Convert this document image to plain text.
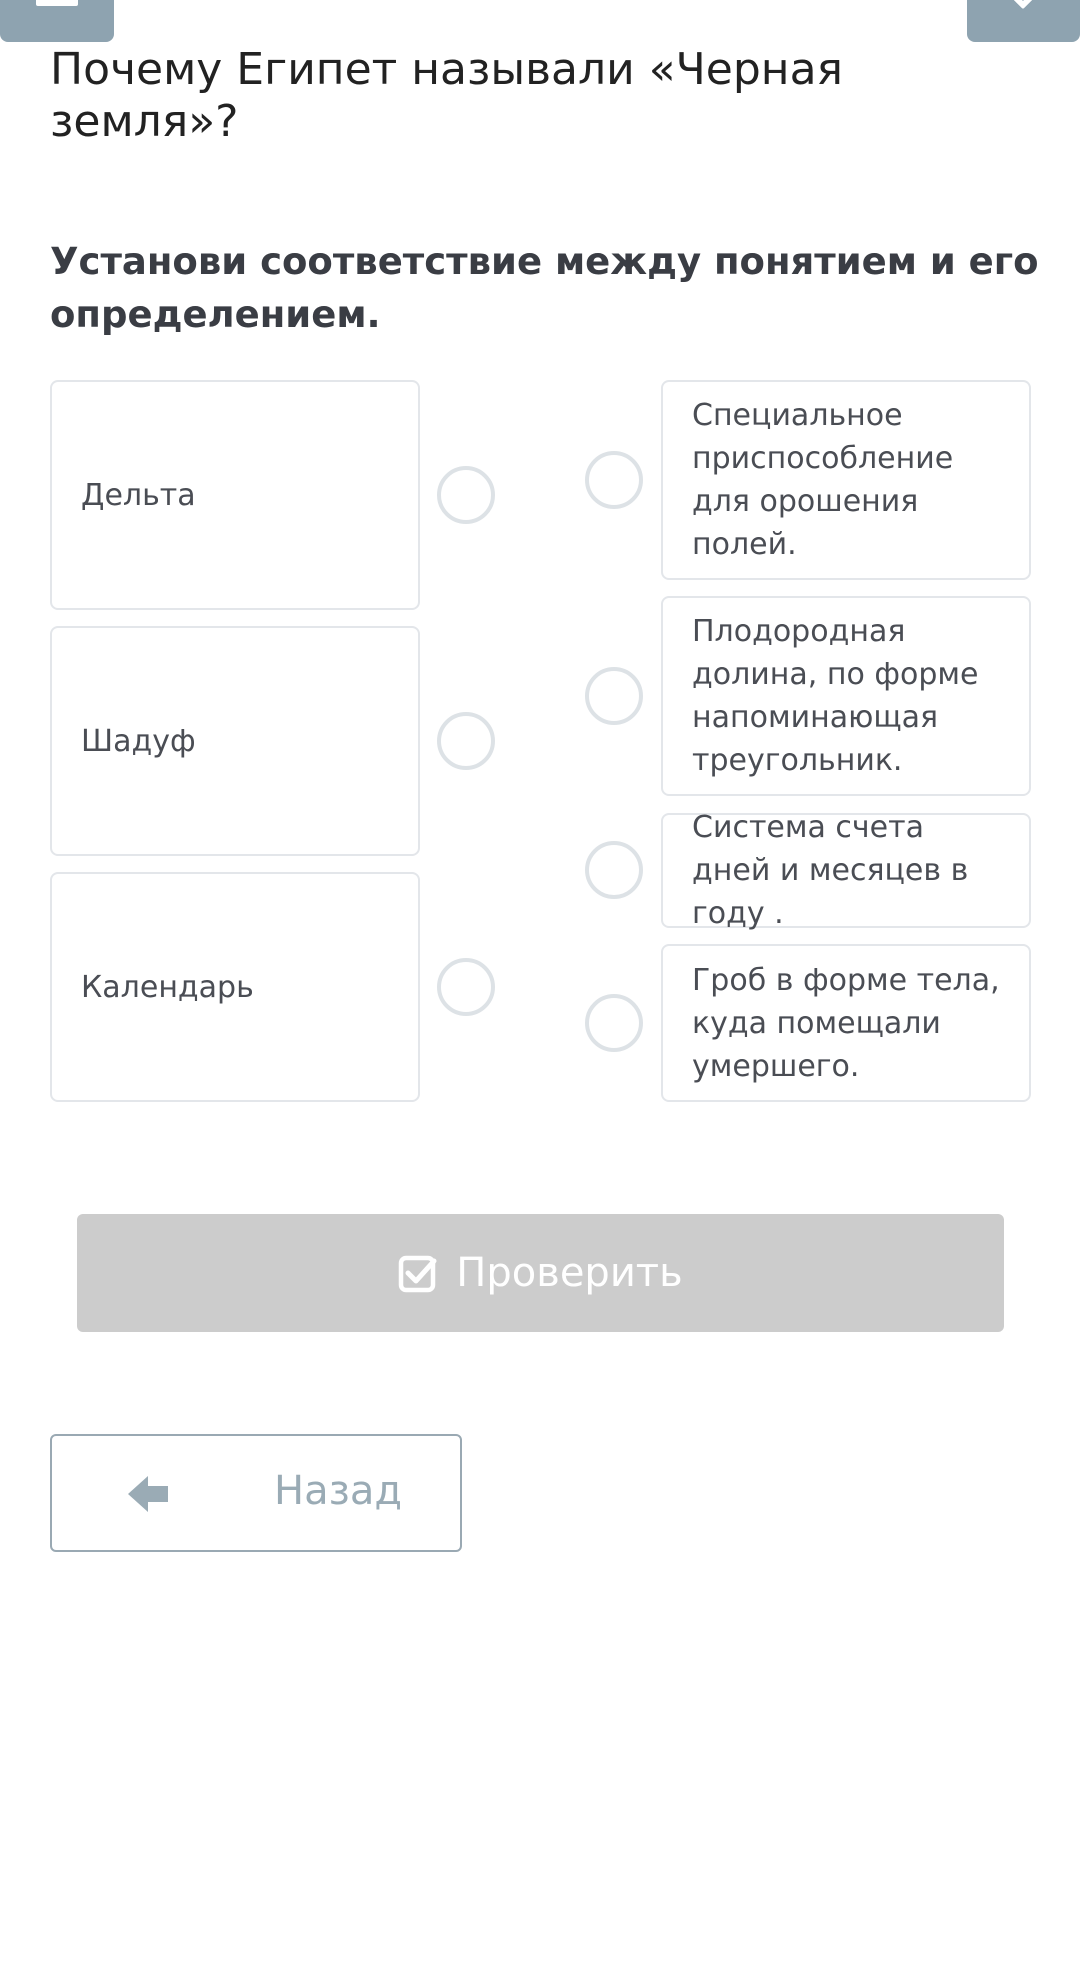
Почему Египет называли «Черная земля»?
Установи соответствие между понятием и его определением.
Дельта
Шадуф
Календарь
Специальное приспособление для орошения полей.
Плодородная долина, по форме напоминающая треугольник.
Система счета дней и месяцев в году .
Гроб в форме тела, куда помещали умершего.
Проверить
Назад
